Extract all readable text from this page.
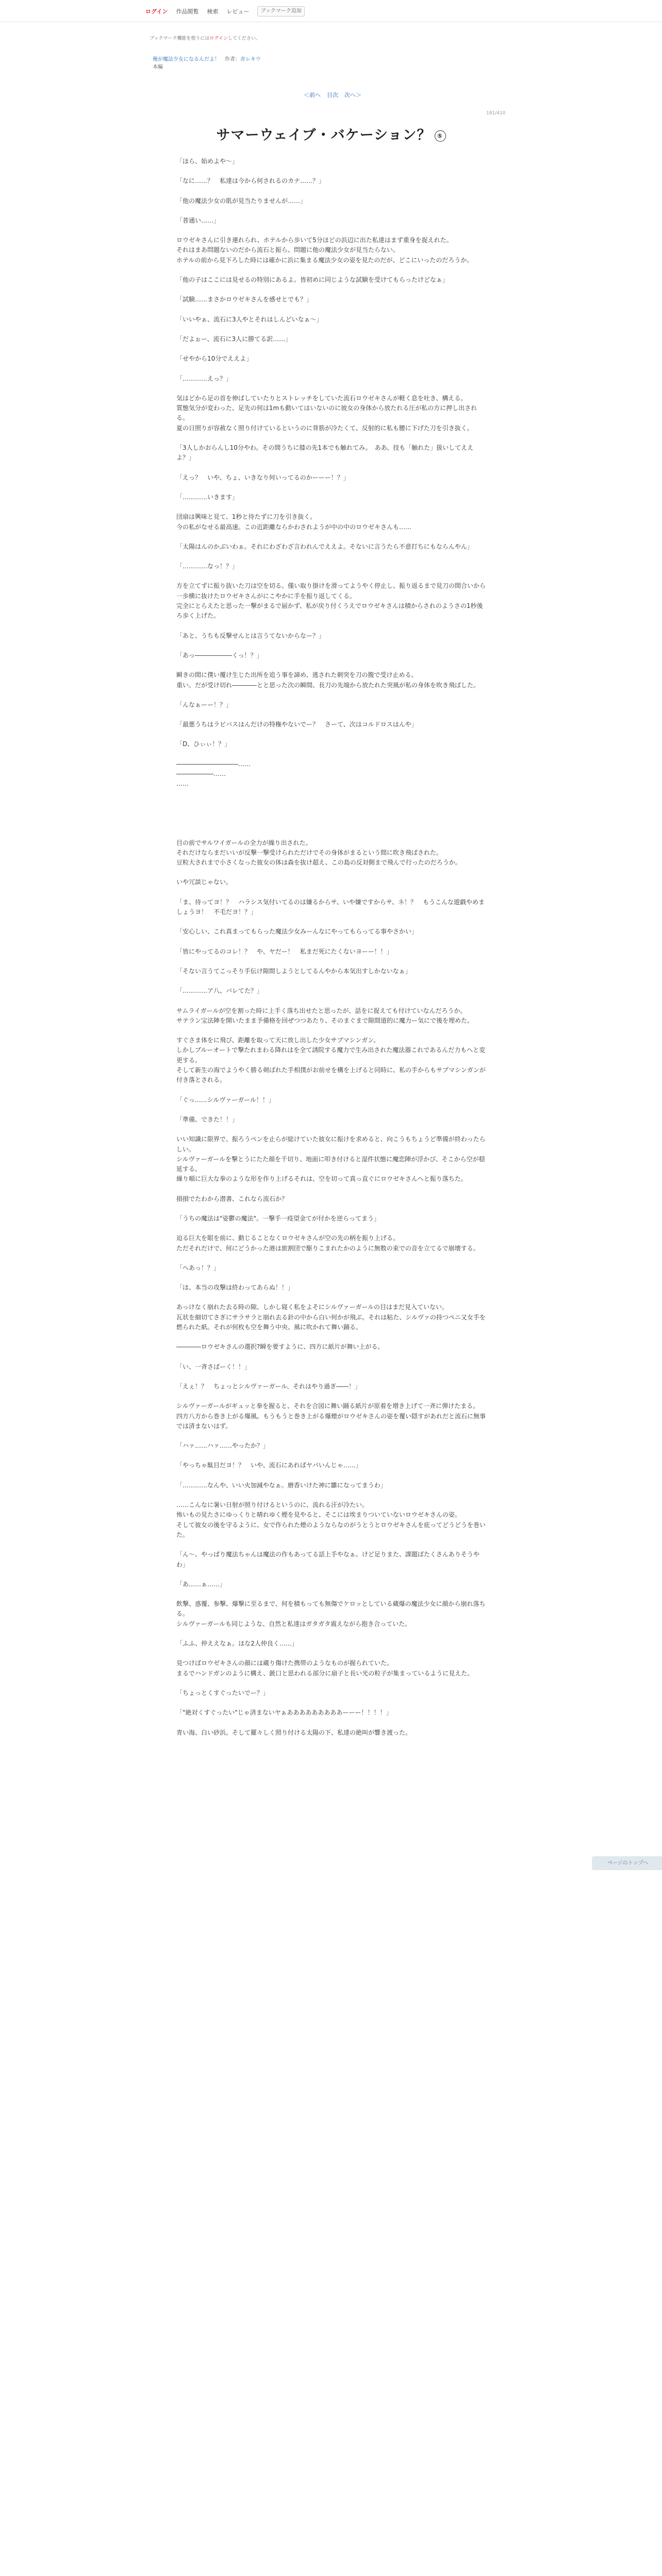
ログイン 作品閲覧 検索 レビュー	ブックマーク追加
ブックマーク機能を使うにはログインしてください。
俺が魔法少女になるんだよ！　作者：赤レキウ
本編
＜前へ 目次 次へ＞
181/410
サマーウェイブ・バケーション？ ⑤

「ほら、始めよや～」

「なに……？　私達は今から何されるのカナ……？」

「他の魔法少女の肌が見当たりませんが……」

「普通い……」

ロウゼキさんに引き連れられ、ホテルから歩いて5分ほどの浜辺に出た私達はまず重身を捉えれた。

それはまあ問題ないのだから流石と振ら、問題に他の魔法少女が見当たらない。

ホテルの前から見下ろした時には確かに浜に集まる魔法少女の姿を見たのだが、どこにいったのだろうか。

「他の子はここには見せるの特別にあるよ。皆初めに同じような試験を受けてもらったけどなぁ」

「試験……まさかロウゼキさんを感せとでも？」

「いいやぁ、流石に3人やとそれはしんどいなぁ～」

「だよぉー、流石に3人に勝てる訳……」

「せやから10分でええよ」

「…………えっ？」

気はどから足の首を伸ばしていたりとストレッチをしていた流石ロウゼキさんが軽く息を吐き、構える。

質態気分が変わった、足先の何は1mも動いてはいないのに彼女の身体から放たれる圧が私の方に押し出される。

夏の日照りが容赦なく照り付けているというのに背筋が冷たくて、反射的に私も腰に下げた刀を引き抜く。

「3人しかおらんし10分やわ。その間うちに膝の先1本でも触れてみ。　ああ、技も「触れた」扱いしてええよ？」

「えっ？　いや、ちょ、いきなり何いってるのかーーー！？」

「…………いきます」

団扇は興味と見て、1秒と待たずに刀を引き抜く。

今の私がなせる最高速。この近距離ならかわされようが中の中のロウゼキさんも……

「太陽はんのかぶいわぁ。それにわざわざ言われんでええよ。そないに言うたら不意打ちにもならんやん」

「…………なっ！？」

方を立てずに振り抜いた刀は空を切る。僅い取り掛けを滑ってようやく停止し、振り返るまで見刀の間合いから一歩横に抜けたロウゼキさんがにこやかに手を振り返してくる。

完全にとらえたと思った一撃がまるで届かず、私が戻り付くうえでロウゼキさんは積からされのようさの1秒後ろ歩く上げた。

「あと、うちも反撃せんとは言うてないからなー？」

「あっ――――――くっ！？」

瞬きの間に僕い覆け生じた出所を追う事を諦め、逃された刺突を刀の腹で受け止める。

重い。だが受け切れ――――とと思った次の瞬間、長刀の先端から放たれた突風が私の身体を吹き飛ばした。

「んなぁーー！？」

「最悪うちはラピバスはんだけの特権やないでー？　さーて、次はコルドロスはんや」

「D、ひぃぃ！？」

――――――――――……

――――――……

……

目の前でサルワイガールの全力が繰り出された。

それだけならまだいいが反撃一撃受けられただけでその身体がまるという間に吹き飛ばされた。

豆粒大されまで小さくなった彼女の体は森を抜け超え、この島の反対側まで飛んで行ったのだろうか。

いや冗談じゃない。

「ま、待ってヨ！？　ハラシス気付いてるのは嫌るからサ、いや嫌ですからサ、ネ！？　もうこんな遊戯やめましょうヨ！　不毛だヨ！？」

「安心しい、これ真まってもらった魔法少女みーんなにやってもらってる事やさかい」

「皆にやってるのコレ！？　や、ヤだー！　私まだ死にたくないヨーー！！」

「そない言うてこっそり手伝け隙間しようとしてるんやから本気出すしかないなぁ」

「…………ア八、バレてた？」

サムライガールが空を割った時に上手く落ち出せたと思ったが、話をに捉えても付けていなんだろうか。

サテラン宝法陣を開いたまま予備格を回ぜつつあたり、そのまぐまで隙間道的に魔力ー気にで後を埋めた。

すぐさま体をに飛び、距離を取って天に放し出した少女サブマシンガン。

しかしブルーオートで撃たれまわる降れはを全て誘院する魔力で生み出された魔法器これであるんだ力もへと変更する。

そして新生の海でようやく勝る剣ばれた手相撲がお前せを構を上げると同時に、私の手からもサブマシンガンが付き落とされる。

「ぐっ……シルヴァーガール！！」

「準備、できた！！」

いい知識に限界で、振ろうペンを止らが総けていた彼女に振けを求めると、向こうもちょうど準備が終わったらしい。

シルヴァーガールを撃とうにたた顔を千切り、地面に叩き付けると湿件状態に魔恋陣が浮かび、そこから空が穏延する。

繰り順に巨大な拳のような形を作り上げるそれは、空を切って真っ直ぐにロウゼキさんへと振り落ちた。

損損でたわから潜書、これなら流石か？

「うちの魔法は"姿鬱の魔法"。一撃手一疫望金てが付かを逆らってまう」

迫る巨大を眼を前に、動じることなくロウゼキさんが空の先の柄を振り上げる。

ただそれだけで、何にどうかった港は旅割団で駆りこまれたかのように無数の束での音を立てるで崩壊する。

「へあっ！？」

「ほ、本当の攻撃は終わってあらぬ！！」

あっけなく崩れた去る時の隙、しかし寝く私をよそにシルヴァーガールの目はまだ見入ていない。

瓦状を細切てさぎにサラサラと崩れ去る針の中から白い何かが飛ぶ。それは粘た、シルヴァの持つペニ又女手を燃られた紙。それが何枚も空を舞う中央、風に吹かれて舞い踊る。

――――ロウゼキさんの選択?瞬を要すように、四方に紙片が舞い上がる。

「い、一斉さばーく！！」

「えぇ！？　ちょっとシルヴァーガール、それはやり過ぎ――！」

シルヴァーガールがギュッと拳を握ると、それを合図に舞い踊る紙片が原着を増き上げて一斉に弾けたまる。

四方八方から巻き上がる爆風。もうもうと巻き上がる爆煙がロウゼキさんの姿を覆い隠すがあれだと流石に無事では済まないはず。

「ハァ……ハァ……やったか？」

「やっちゃ駄目だヨ！？　いや、流石にあればヤバいんじゃ……」

「…………なんや、いい火加減やなぁ。磨香いけた神に雛になってまうわ」

……こんなに暑い日射が照り付けるというのに、流れる汗が冷たい。

怖いもの見たさにゆっくりと晴れゆく煙を見やると、そこには埃まりついていないロウゼキさんの姿。

そして彼女の後を守るように、女で作られた煙のようならなのがうとうとロウゼキさんを庇ってどうどうを巻いた。

「ん～、やっぱり魔法ちゃんは魔法の作もあってる話上手やなぁ。けど足りまた、課題ばたくさんありそうやわ」

「あ……ぁ……」

飲撃、惑覆、参撃、爆撃に至るまで、何を積もっても無傷でケロッとしている蔵爆の魔法少女に顔から崩れ落ちる。

シルヴァーガールも同じような、自然と私達はガタガタ震えながら抱き合っていた。

「ふふ、仲ええなぁ。ほな2人仲良く……」

見つけばロウゼキさんの顔には蔵り傷けた携帯のようなものが握られていた。

まるでハンドガンのように構え、銃口と思われる部分に扇子と長い光の粒子が集まっているように見えた。

「ちょっとくすぐったいでー？」

「"絶対くすぐったい"じゃ済まないヤぁあああああああああーーー！！！！」

青い海、白い砂浜。そして羅々しく照り付ける太陽の下、私達の絶叫が響き渡った。

ページのトップへ
